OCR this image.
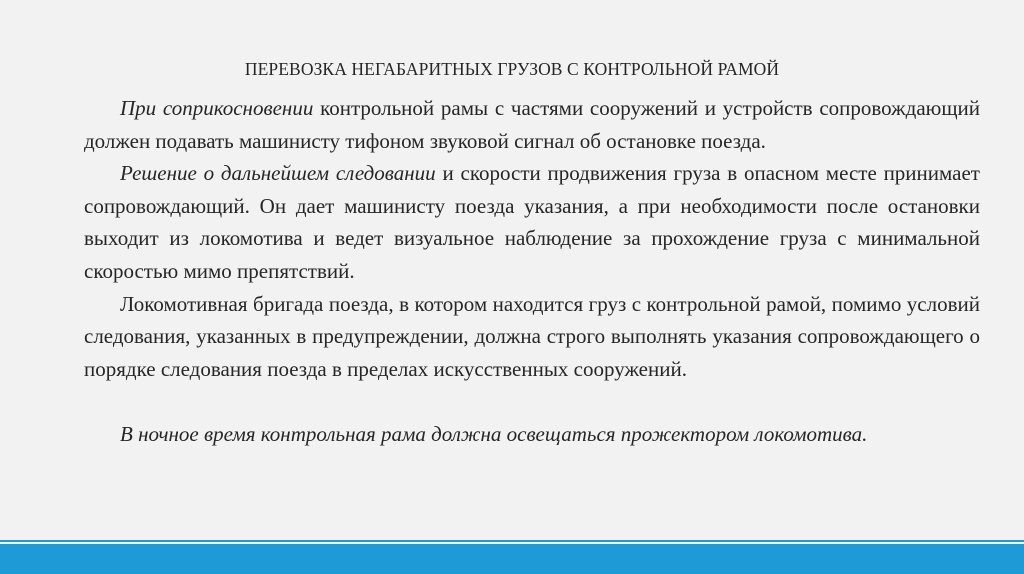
ПЕРЕВОЗКА НЕГАБАРИТНЫХ ГРУЗОВ С КОНТРОЛЬНОЙ РАМОЙ

При соприкосновении контрольной рамы с частями сооружений и устройств сопровождающий должен подавать машинисту тифоном звуковой сигнал об остановке поезда.

Решение о дальнейшем следовании и скорости продвижения груза в опасном месте принимает сопровождающий. Он дает машинисту поезда указания, а при необходимости после остановки выходит из локомотива и ведет визуальное наблюдение за прохождение груза с минимальной скоростью мимо препятствий.

Локомотивная бригада поезда, в котором находится груз с контрольной рамой, помимо условий следования, указанных в предупреждении, должна строго выполнять указания сопровождающего о порядке следования поезда в пределах искусственных сооружений.

В ночное время контрольная рама должна освещаться прожектором локомотива.
